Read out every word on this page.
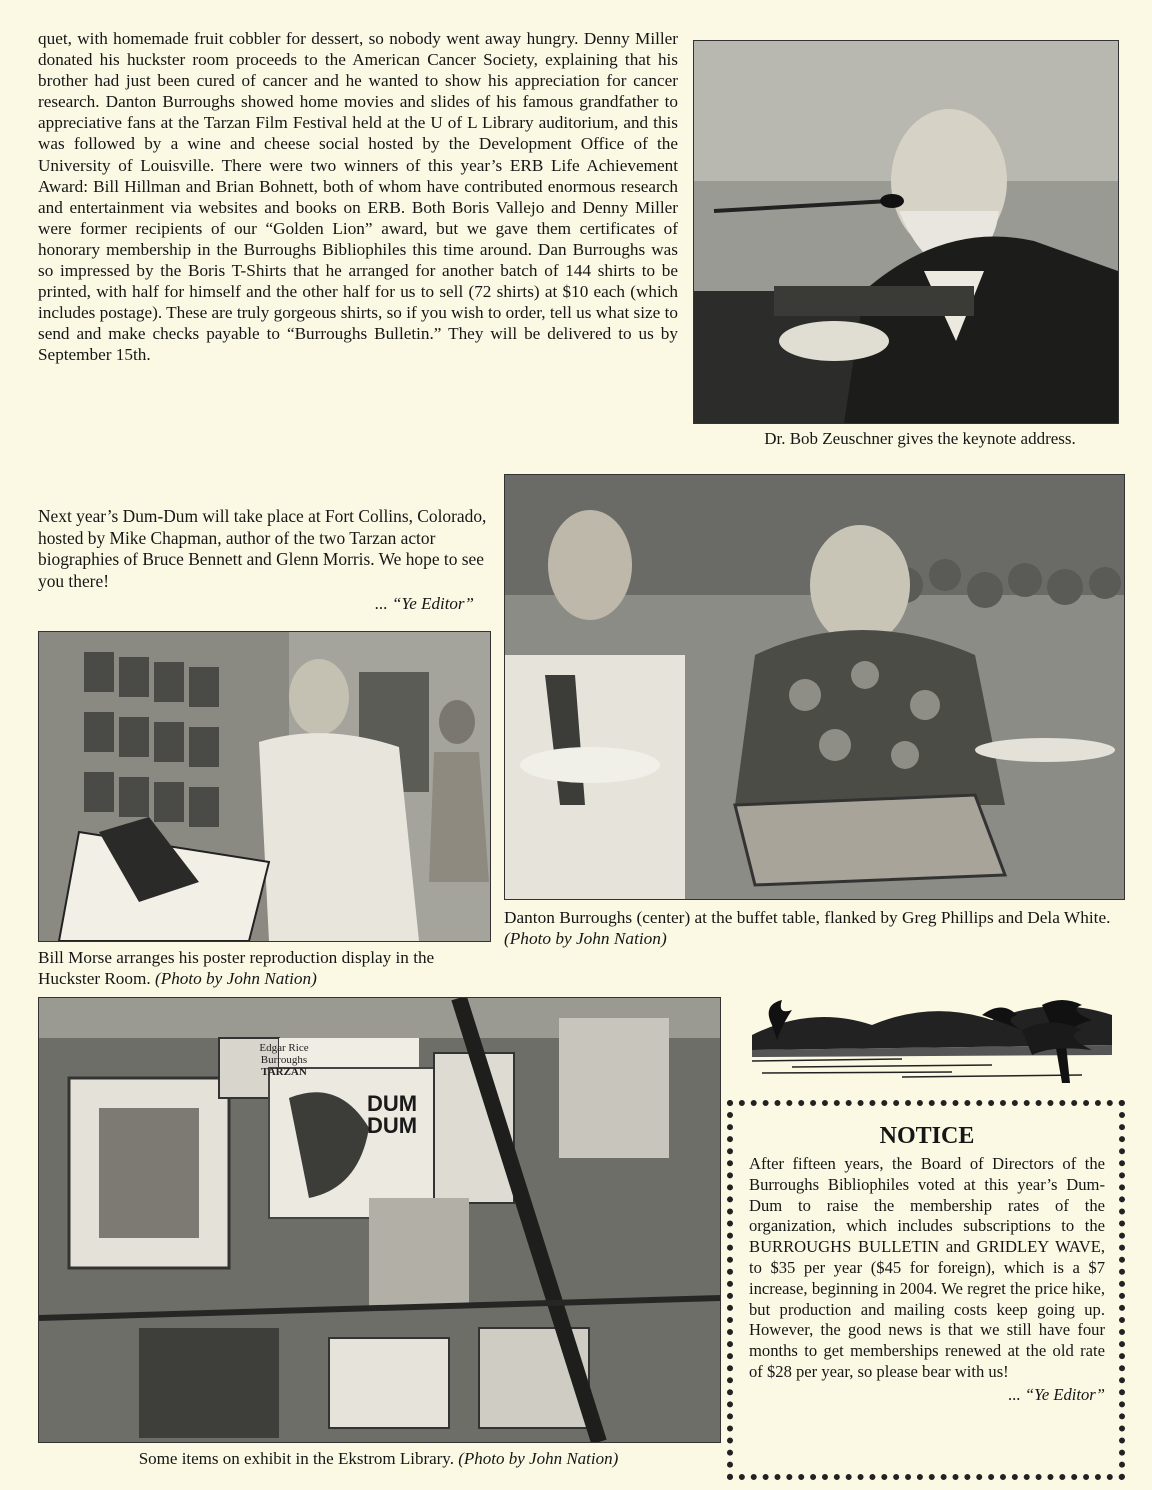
quet, with homemade fruit cobbler for dessert, so nobody went away hungry. Denny Miller donated his huckster room proceeds to the American Cancer Society, explaining that his brother had just been cured of cancer and he wanted to show his appreciation for cancer research. Danton Burroughs showed home movies and slides of his famous grandfather to appreciative fans at the Tarzan Film Festival held at the U of L Library auditorium, and this was followed by a wine and cheese social hosted by the Development Office of the University of Louisville. There were two winners of this year’s ERB Life Achievement Award: Bill Hillman and Brian Bohnett, both of whom have contributed enormous research and entertainment via websites and books on ERB. Both Boris Vallejo and Denny Miller were former recipients of our “Golden Lion” award, but we gave them certificates of honorary membership in the Burroughs Bibliophiles this time around. Dan Burroughs was so impressed by the Boris T-Shirts that he arranged for another batch of 144 shirts to be printed, with half for himself and the other half for us to sell (72 shirts) at $10 each (which includes postage). These are truly gorgeous shirts, so if you wish to order, tell us what size to send and make checks payable to “Burroughs Bulletin.” They will be delivered to us by September 15th.

Dr. Bob Zeuschner gives the keynote address.

Next year’s Dum-Dum will take place at Fort Collins, Colorado, hosted by Mike Chapman, author of the two Tarzan actor biographies of Bruce Bennett and Glenn Morris. We hope to see you there!

... “Ye Editor”
Danton Burroughs (center) at the buffet table, flanked by Greg Phillips and Dela White. (Photo by John Nation)
Bill Morse arranges his poster reproduction display in the Huckster Room. (Photo by John Nation)
Edgar Rice
Burroughs
TARZAN
DUM
DUM
Some items on exhibit in the Ekstrom Library. (Photo by John Nation)
NOTICE

After fifteen years, the Board of Directors of the Burroughs Bibliophiles voted at this year’s Dum-Dum to raise the membership rates of the organization, which includes subscriptions to the BURROUGHS BULLETIN and GRIDLEY WAVE, to $35 per year ($45 for foreign), which is a $7 increase, beginning in 2004. We regret the price hike, but production and mailing costs keep going up. However, the good news is that we still have four months to get memberships renewed at the old rate of $28 per year, so please bear with us!

... “Ye Editor”
